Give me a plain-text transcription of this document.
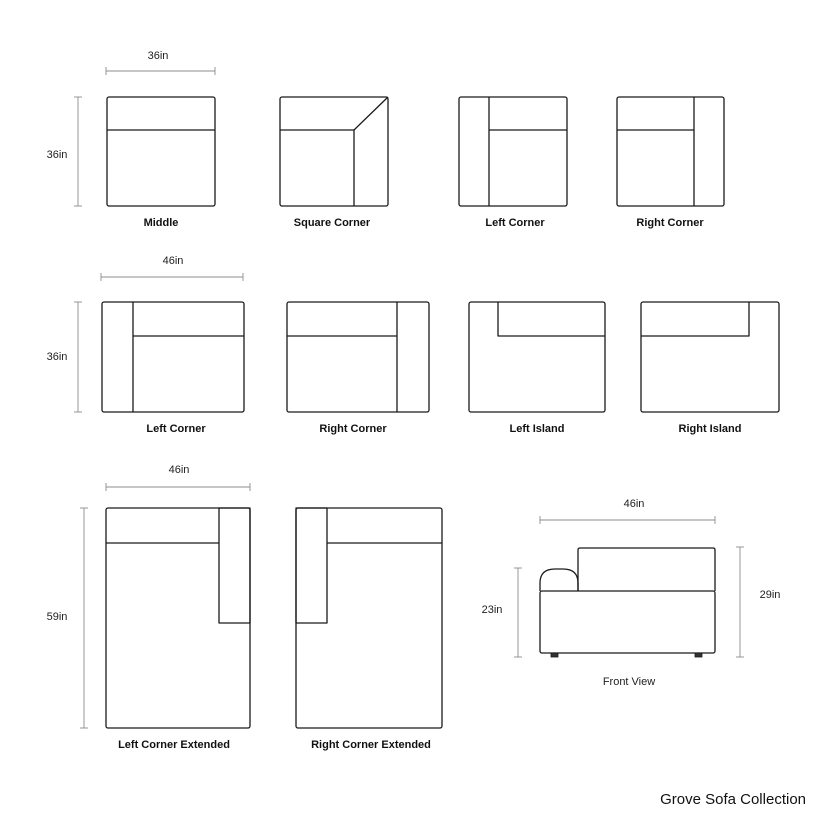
36in
36in
Middle	Square Corner	Left Corner	Right Corner
46in
36in
Left Corner	Right Corner	Left Island	Right Island
46in
59in
Left Corner Extended	Right Corner Extended
46in
23in
29in
Front View
Grove Sofa Collection
